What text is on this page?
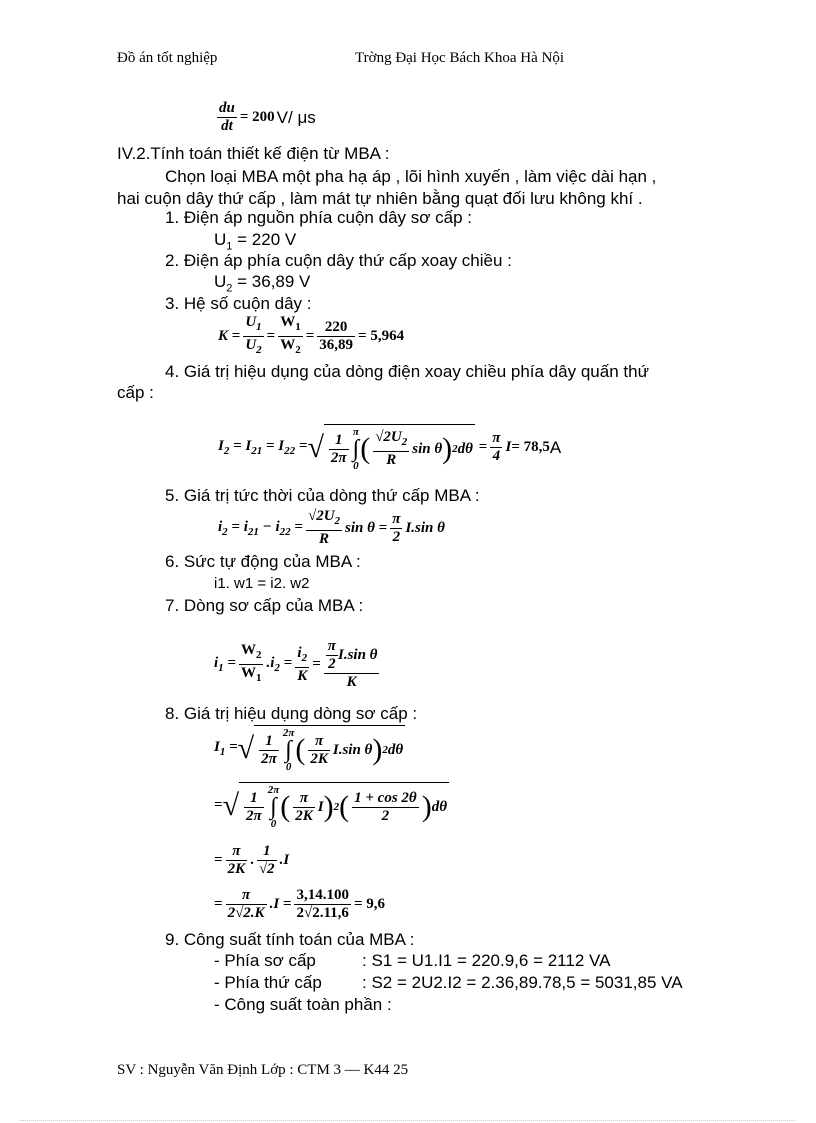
Đồ án tốt nghiệp	Trờng Đại Học Bách Khoa Hà Nội
$\frac{du}{dt} = 200$ V/ μs
IV.2.Tính toán thiết kế điện từ MBA :
Chọn loại MBA một pha hạ áp , lõi hình xuyến , làm việc dài hạn ,
hai cuộn dây thứ cấp , làm mát tự nhiên bằng quạt đối lưu không khí .
1. Điện áp nguồn phía cuộn dây sơ cấp :
$U_1 = 220$ V
2. Điện áp phía cuộn dây thứ cấp xoay chiều :
$U_2 = 36,89$ V
3. Hệ số cuộn dây :
$K = \frac{U_1}{U_2} = \frac{W_1}{W_2} = \frac{220}{36,89} = 5,964$
4. Giá trị hiệu dụng của dòng điện xoay chiều phía dây quấn thứ
cấp :
$I_2 = I_{21} = I_{22}$ = √ $\frac{1}{2\pi}$ π
∫
0
( $\frac{√2U_2}{R}$ sin θ ) 2 $d\theta = \frac{\pi}{4}$ I = 78,5 A
5. Giá trị tức thời của dòng thứ cấp MBA :
$i_2 = i_{21} - i_{22} = \frac{√2U_2}{R}$ $\sin \theta = \frac{\pi}{2} I.\sin$ θ
6. Sức tự động của MBA :
i1. w1 = i2. w2
7. Dòng sơ cấp của MBA :
$i_1 = \frac{W_2}{W_1} .i_2 = \frac{i_2}{K} = \frac{\frac{\pi}{2} I.\sin \theta}{K}$
8. Giá trị hiệu dụng dòng sơ cấp :
$I_1$ = √ $\frac{1}{2\pi} 2\pi$
∫
0
( $\frac{\pi}{2K} I.\sin$ θ ) 2 dθ
= √ $\frac{1}{2\pi} 2\pi$
∫
0
( $\frac{\pi}{2K}$ I ) 2 ( $\frac{1 + \cos 2\theta}{2}$ ) dθ
= $\frac{\pi}{2K}$ . $\frac{1}{√2} .I$
= $\frac{\pi}{2√2.K} .I = \frac{3,14.100}{2√2.11,6} = 9,6$
9. Công suất tính toán của MBA :
- Phía sơ cấp	: S1 = U1.I1 = 220.9,6 = 2112 VA
- Phía thứ cấp : S2 = 2U2.I2 = 2.36,89.78,5 = 5031,85 VA
- Công suất toàn phần :
SV : Nguyễn Văn Định Lớp : CTM 3 — K44 25
